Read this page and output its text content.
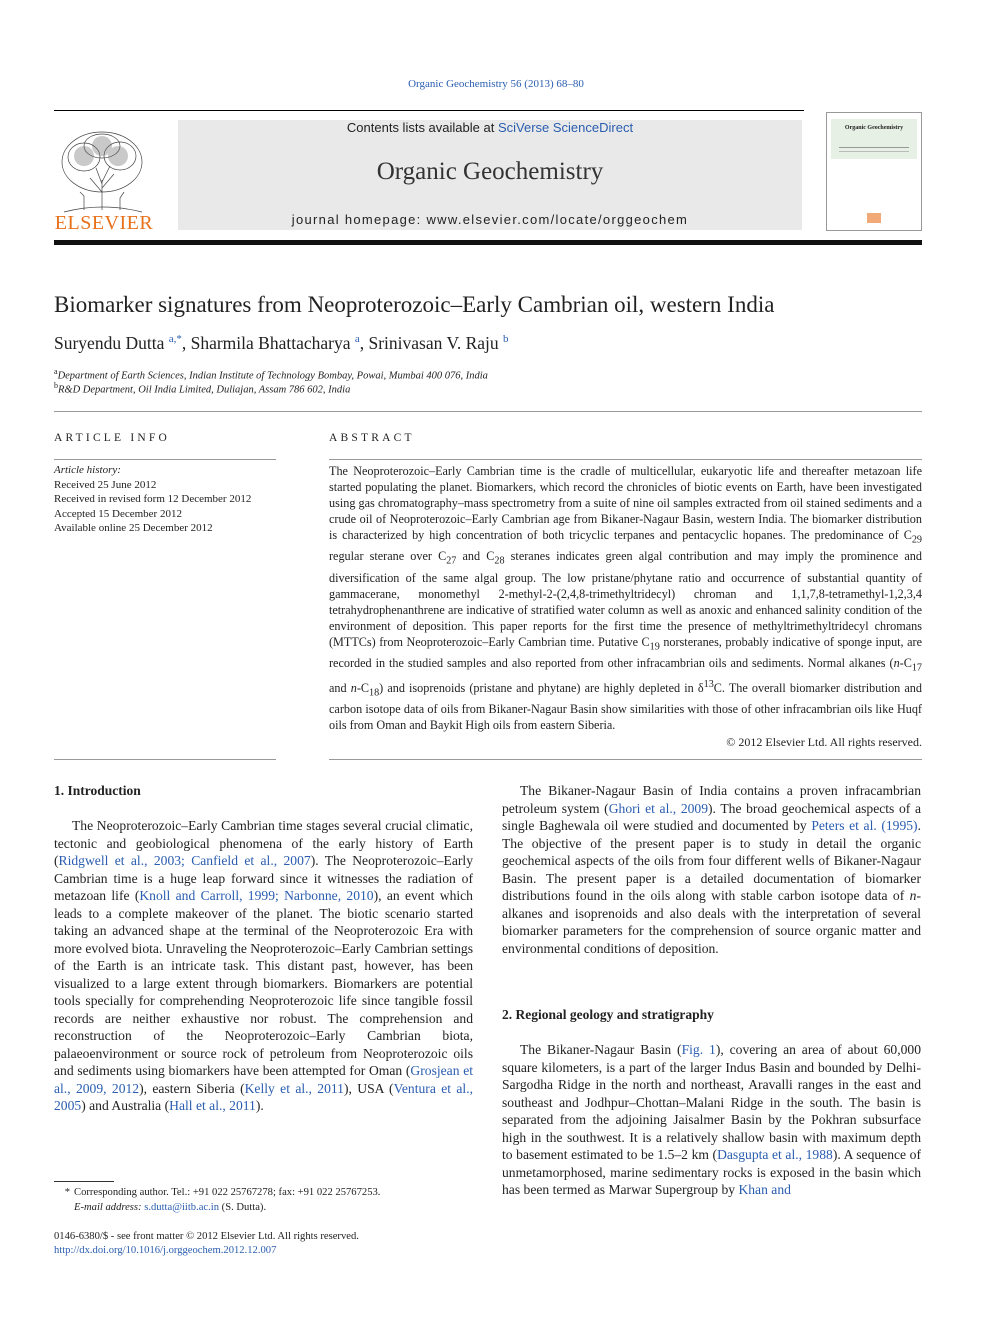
Organic Geochemistry 56 (2013) 68–80
ELSEVIER
Contents lists available at SciVerse ScienceDirect
Organic Geochemistry
journal homepage: www.elsevier.com/locate/orggeochem
Organic Geochemistry
Biomarker signatures from Neoproterozoic–Early Cambrian oil, western India
Suryendu Dutta $^{a,*}$, Sharmila Bhattacharya $^a$, Srinivasan V. Raju $^b$
$^a$Department of Earth Sciences, Indian Institute of Technology Bombay, Powai, Mumbai 400 076, India
$^b$R&D Department, Oil India Limited, Duliajan, Assam 786 602, India
ARTICLE INFO
Article history:
Received 25 June 2012
Received in revised form 12 December 2012
Accepted 15 December 2012
Available online 25 December 2012
ABSTRACT
The Neoproterozoic–Early Cambrian time is the cradle of multicellular, eukaryotic life and thereafter metazoan life started populating the planet. Biomarkers, which record the chronicles of biotic events on Earth, have been investigated using gas chromatography–mass spectrometry from a suite of nine oil samples extracted from oil stained sediments and a crude oil of Neoproterozoic–Early Cambrian age from Bikaner-Nagaur Basin, western India. The biomarker distribution is characterized by high concentration of both tricyclic terpanes and pentacyclic hopanes. The predominance of $C_{29}$ regular sterane over $C_{27}$ and $C_{28}$ steranes indicates green algal contribution and may imply the prominence and diversification of the same algal group. The low pristane/phytane ratio and occurrence of substantial quantity of gammacerane, monomethyl 2-methyl-2-(2,4,8-trimethyltridecyl) chroman and 1,1,7,8-tetramethyl-1,2,3,4 tetrahydrophenanthrene are indicative of stratified water column as well as anoxic and enhanced salinity condition of the environment of deposition. This paper reports for the first time the presence of methyltrimethyltridecyl chromans (MTTCs) from Neoproterozoic–Early Cambrian time. Putative $C_{19}$ norsteranes, probably indicative of sponge input, are recorded in the studied samples and also reported from other infracambrian oils and sediments. Normal alkanes ($n-C_{17}$ and $n-C_{18}$) and isoprenoids (pristane and phytane) are highly depleted in $\delta^{13}C$. The overall biomarker distribution and carbon isotope data of oils from Bikaner-Nagaur Basin show similarities with those of other infracambrian oils like Huqf oils from Oman and Baykit High oils from eastern Siberia.
© 2012 Elsevier Ltd. All rights reserved.
1. Introduction
2. Regional geology and stratigraphy

The Neoproterozoic–Early Cambrian time stages several crucial climatic, tectonic and geobiological phenomena of the early history of Earth (Ridgwell et al., 2003; Canfield et al., 2007). The Neoproterozoic–Early Cambrian time is a huge leap forward since it witnesses the radiation of metazoan life (Knoll and Carroll, 1999; Narbonne, 2010), an event which leads to a complete makeover of the planet. The biotic scenario started taking an advanced shape at the terminal of the Neoproterozoic Era with more evolved biota. Unraveling the Neoproterozoic–Early Cambrian settings of the Earth is an intricate task. This distant past, however, has been visualized to a large extent through biomarkers. Biomarkers are potential tools specially for comprehending Neoproterozoic life since tangible fossil records are neither exhaustive nor robust. The comprehension and reconstruction of the Neoproterozoic–Early Cambrian biota, palaeoenvironment or source rock of petroleum from Neoproterozoic oils and sediments using biomarkers have been attempted for Oman (Grosjean et al., 2009, 2012), eastern Siberia (Kelly et al., 2011), USA (Ventura et al., 2005) and Australia (Hall et al., 2011).

The Bikaner-Nagaur Basin of India contains a proven infracambrian petroleum system (Ghori et al., 2009). The broad geochemical aspects of a single Baghewala oil were studied and documented by Peters et al. (1995). The objective of the present paper is to study in detail the organic geochemical aspects of the oils from four different wells of Bikaner-Nagaur Basin. The present paper is a detailed documentation of biomarker distributions found in the oils along with stable carbon isotope data of n-alkanes and isoprenoids and also deals with the interpretation of several biomarker parameters for the comprehension of source organic matter and environmental conditions of deposition.

The Bikaner-Nagaur Basin (Fig. 1), covering an area of about 60,000 square kilometers, is a part of the larger Indus Basin and bounded by Delhi-Sargodha Ridge in the north and northeast, Aravalli ranges in the east and southeast and Jodhpur–Chottan–Malani Ridge in the south. The basin is separated from the adjoining Jaisalmer Basin by the Pokhran subsurface high in the southwest. It is a relatively shallow basin with maximum depth to basement estimated to be 1.5–2 km (Dasgupta et al., 1988). A sequence of unmetamorphosed, marine sedimentary rocks is exposed in the basin which has been termed as Marwar Supergroup by Khan and

* Corresponding author. Tel.: +91 022 25767278; fax: +91 022 25767253.
E-mail address: s.dutta@iitb.ac.in (S. Dutta).
0146-6380/$ - see front matter © 2012 Elsevier Ltd. All rights reserved.
http://dx.doi.org/10.1016/j.orggeochem.2012.12.007
